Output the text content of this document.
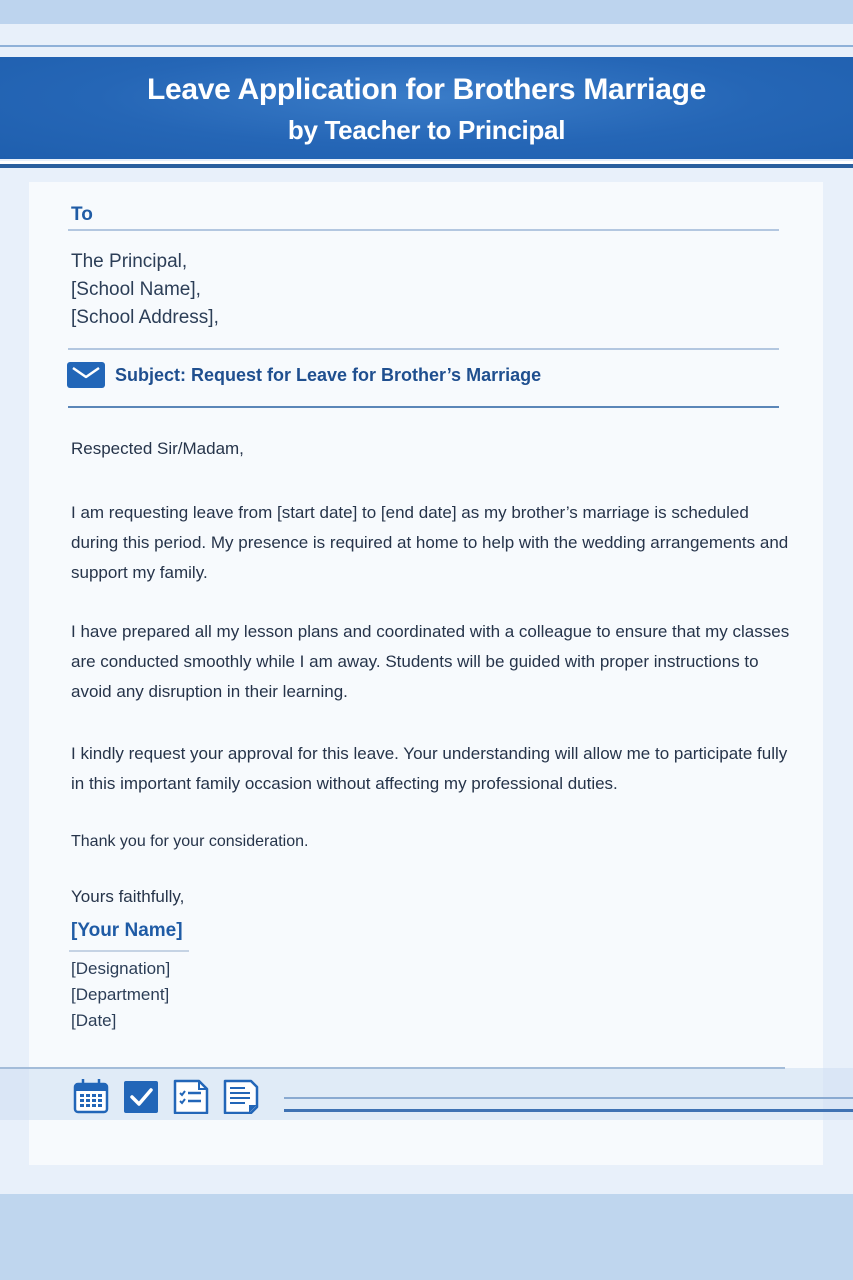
Leave Application for Brothers Marriage
by Teacher to Principal
To
The Principal,
[School Name],
[School Address],
Subject: Request for Leave for Brother’s Marriage
Respected Sir/Madam,
I am requesting leave from [start date] to [end date] as my brother’s marriage is scheduled during this period. My presence is required at home to help with the wedding arrangements and support my family.
I have prepared all my lesson plans and coordinated with a colleague to ensure that my classes are conducted smoothly while I am away. Students will be guided with proper instructions to avoid any disruption in their learning.
I kindly request your approval for this leave. Your understanding will allow me to participate fully in this important family occasion without affecting my professional duties.
Thank you for your consideration.
Yours faithfully,
[Your Name]
[Designation]
[Department]
[Date]
